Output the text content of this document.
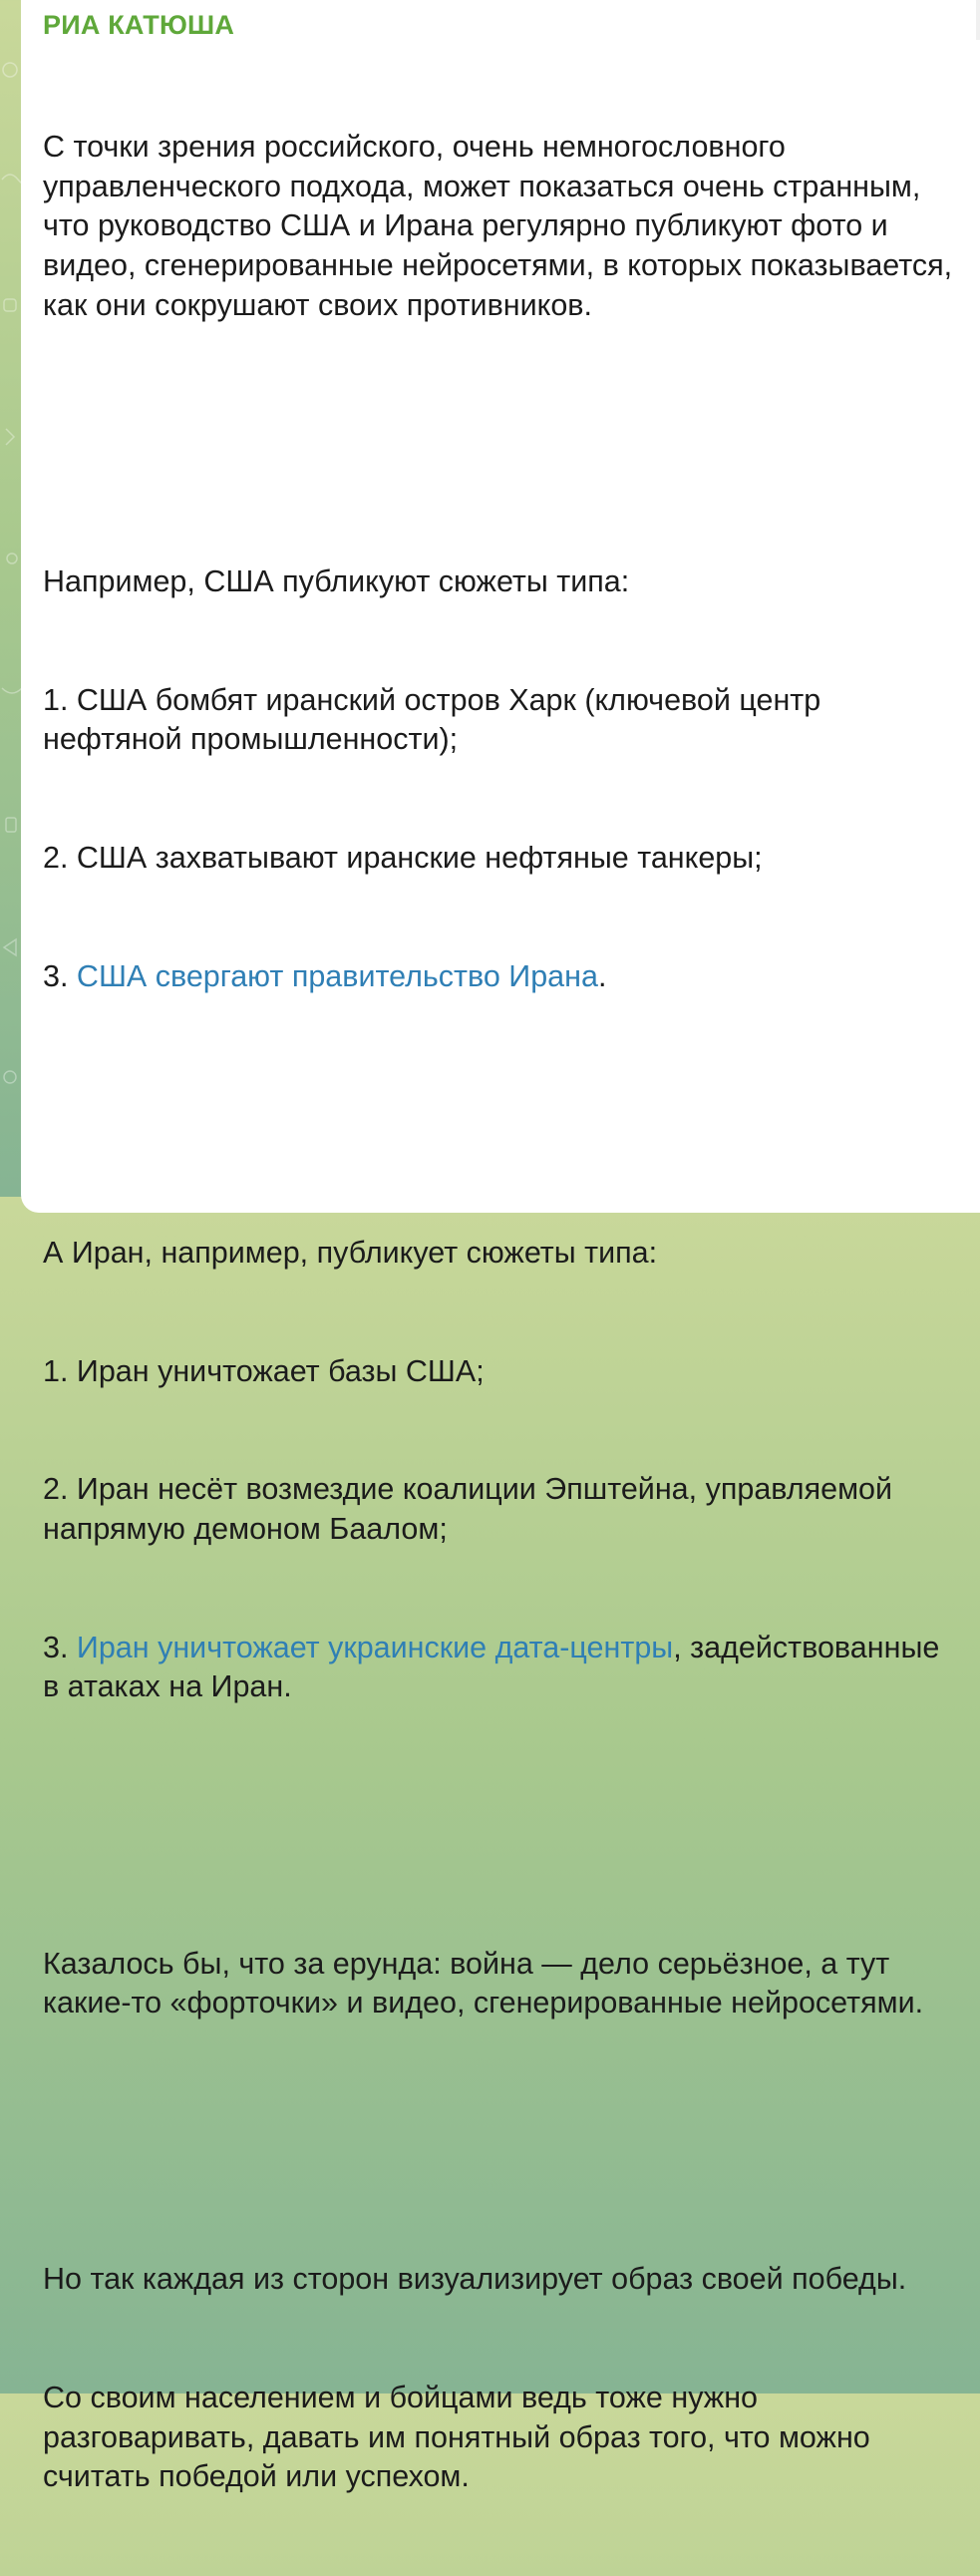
РИА КАТЮША

С точки зрения российского, очень немногословного управленческого подхода, может показаться очень странным, что руководство США и Ирана регулярно публикуют фото и видео, сгенерированные нейросетями, в которых показывается, как они сокрушают своих противников.

Например, США публикуют сюжеты типа:

1. США бомбят иранский остров Харк (ключевой центр нефтяной промышленности);

2. США захватывают иранские нефтяные танкеры;

3. США свергают правительство Ирана.

А Иран, например, публикует сюжеты типа:

1. Иран уничтожает базы США;

2. Иран несёт возмездие коалиции Эпштейна, управляемой напрямую демоном Баалом;

3. Иран уничтожает украинские дата-центры, задействованные в атаках на Иран.

Казалось бы, что за ерунда: война — дело серьёзное, а тут какие-то «форточки» и видео, сгенерированные нейросетями.

Но так каждая из сторон визуализирует образ своей победы.

Со своим населением и бойцами ведь тоже нужно разговаривать, давать им понятный образ того, что можно считать победой или успехом.
